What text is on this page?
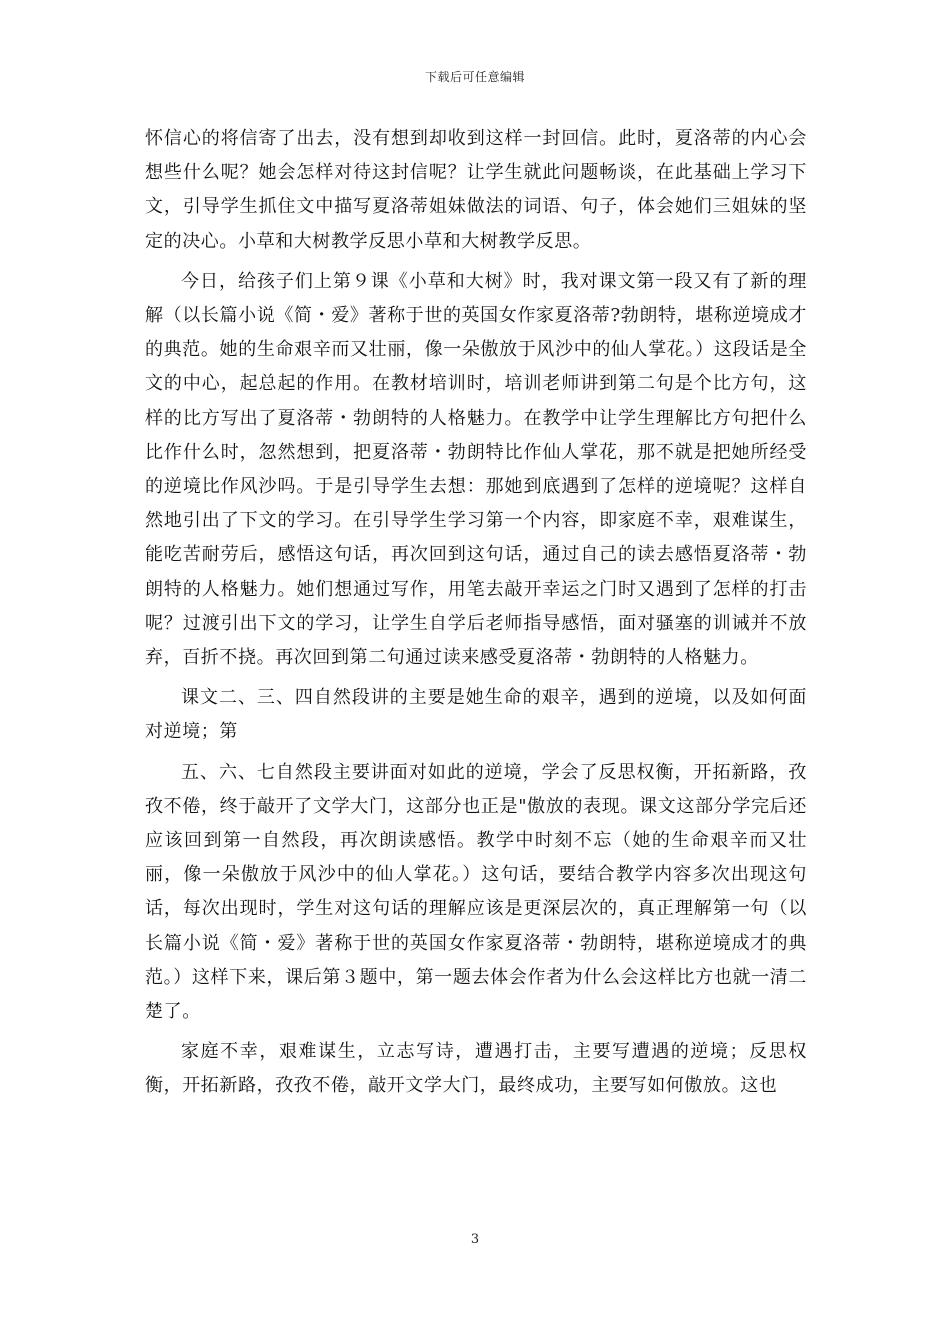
下载后可任意编辑

怀信心的将信寄了出去，没有想到却收到这样一封回信。此时，夏洛蒂的内心会想些什么呢？她会怎样对待这封信呢？让学生就此问题畅谈，在此基础上学习下文，引导学生抓住文中描写夏洛蒂姐妹做法的词语、句子，体会她们三姐妹的坚定的决心。小草和大树教学反思小草和大树教学反思。

今日，给孩子们上第９课《小草和大树》时，我对课文第一段又有了新的理解（以长篇小说《简・爱》著称于世的英国女作家夏洛蒂?勃朗特，堪称逆境成才的典范。她的生命艰辛而又壮丽，像一朵傲放于风沙中的仙人掌花。）这段话是全文的中心，起总起的作用。在教材培训时，培训老师讲到第二句是个比方句，这样的比方写出了夏洛蒂・勃朗特的人格魅力。在教学中让学生理解比方句把什么比作什么时，忽然想到，把夏洛蒂・勃朗特比作仙人掌花，那不就是把她所经受的逆境比作风沙吗。于是引导学生去想：那她到底遇到了怎样的逆境呢？这样自然地引出了下文的学习。在引导学生学习第一个内容，即家庭不幸，艰难谋生，能吃苦耐劳后，感悟这句话，再次回到这句话，通过自己的读去感悟夏洛蒂・勃朗特的人格魅力。她们想通过写作，用笔去敲开幸运之门时又遇到了怎样的打击呢？过渡引出下文的学习，让学生自学后老师指导感悟，面对骚塞的训诫并不放弃，百折不挠。再次回到第二句通过读来感受夏洛蒂・勃朗特的人格魅力。

课文二、三、四自然段讲的主要是她生命的艰辛，遇到的逆境，以及如何面对逆境；第

五、六、七自然段主要讲面对如此的逆境，学会了反思权衡，开拓新路，孜孜不倦，终于敲开了文学大门，这部分也正是"傲放的表现。课文这部分学完后还应该回到第一自然段，再次朗读感悟。教学中时刻不忘（她的生命艰辛而又壮丽，像一朵傲放于风沙中的仙人掌花。）这句话，要结合教学内容多次出现这句话，每次出现时，学生对这句话的理解应该是更深层次的，真正理解第一句（以长篇小说《简・爱》著称于世的英国女作家夏洛蒂・勃朗特，堪称逆境成才的典范。）这样下来，课后第３题中，第一题去体会作者为什么会这样比方也就一清二楚了。

家庭不幸，艰难谋生，立志写诗，遭遇打击，主要写遭遇的逆境；反思权衡，开拓新路，孜孜不倦，敲开文学大门，最终成功，主要写如何傲放。这也

3
